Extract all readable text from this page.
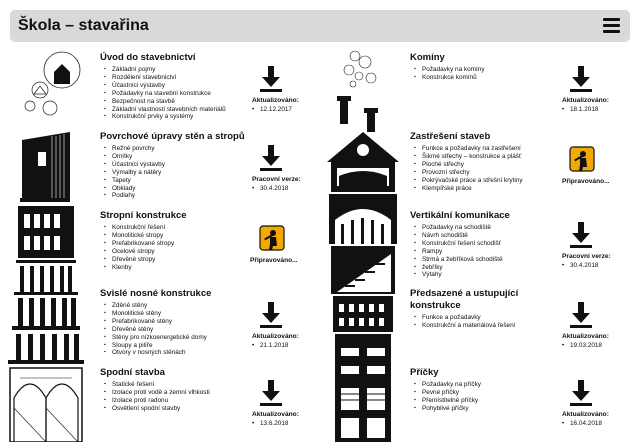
Škola – stavařina
Úvod do stavebnictví
▪ Základní pojmy
▪ Rozdělení stavebnictví
▪ Účastníci výstavby
▪ Požadavky na stavební konstrukce
▪ Bezpečnost na stavbě
▪ Základní vlastnosti stavebních materiálů
▪ Konstrukční prvky a systémy
Aktualizováno:
• 12.12.2017
Povrchové úpravy stěn a stropů
▪ Režné povrchy
▪ Omítky
▪ Účastníci výstavby
▪ Výmalby a nátěry
▪ Tapety
▪ Obklady
▪ Podlahy
Pracovní verze:
• 30.4.2018
Stropní konstrukce
▪ Konstrukční řešení
▪ Monolitické stropy
▪ Prefabrikované stropy
▪ Ocelové stropy
▪ Dřevěné stropy
▪ Klenby
Připravováno...
Svislé nosné konstrukce
▪ Zděné stěny
▪ Monolitické stěny
▪ Prefabrikované stěny
▪ Dřevěné stěny
▪ Stěny pro nízkoenergetické domy
▪ Sloupy a pilíře
▪ Otvory v nosných stěnách
Aktualizováno:
• 21.1.2018
Spodní stavba
▪ Statické řešení
▪ Izolace proti vodě a zemní vlhkosti
▪ Izolace proti radonu
▪ Osvětlení spodní stavby
Aktualizováno:
• 13.6.2018
Komíny
▪ Požadavky na komíny
▪ Konstrukce komínů
Aktualizováno:
• 18.1.2018
Zastřešení staveb
▪ Funkce a požadavky na zastřešení
▪ Šikmé střechy – konstrukce a plášť
▪ Ploché střechy
▪ Provozní střechy
▪ Pokrývačské práce a střešní krytiny
▪ Klempířské práce
Připravováno...
Vertikální komunikace
▪ Požadavky na schodiště
▪ Návrh schodiště
▪ Konstrukční řešení schodišť
▪ Rampy
▪ Strmá a žebříková schodiště
▪ žebříky
▪ Výtahy
Pracovní verze:
• 30.4.2018
Předsazené a ustupující konstrukce
▪ Funkce a požadavky
▪ Konstrukční a materiálová řešení
Aktualizováno:
• 19.03.2018
Příčky
▪ Požadavky na příčky
▪ Pevné příčky
▪ Přemístitelné příčky
▪ Pohyblivé příčky
Aktualizováno:
• 16.04.2018
